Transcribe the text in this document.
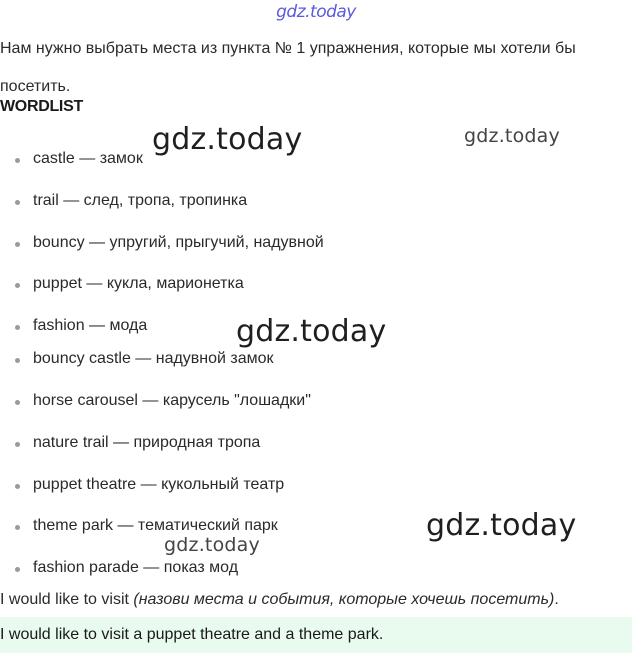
gdz.today
Нам нужно выбрать места из пункта № 1 упражнения, которые мы хотели бы посетить.
WORDLIST
castle — замок
trail — след, тропа, тропинка
bouncy — упругий, прыгучий, надувной
puppet — кукла, марионетка
fashion — мода
bouncy castle — надувной замок
horse carousel — карусель "лошадки"
nature trail — природная тропа
puppet theatre — кукольный театр
theme park — тематический парк
fashion parade — показ мод
gdz.today	gdz.today
gdz.today
gdz.today
gdz.today
I would like to visit (назови места и события, которые хочешь посетить).
I would like to visit a puppet theatre and a theme park.
